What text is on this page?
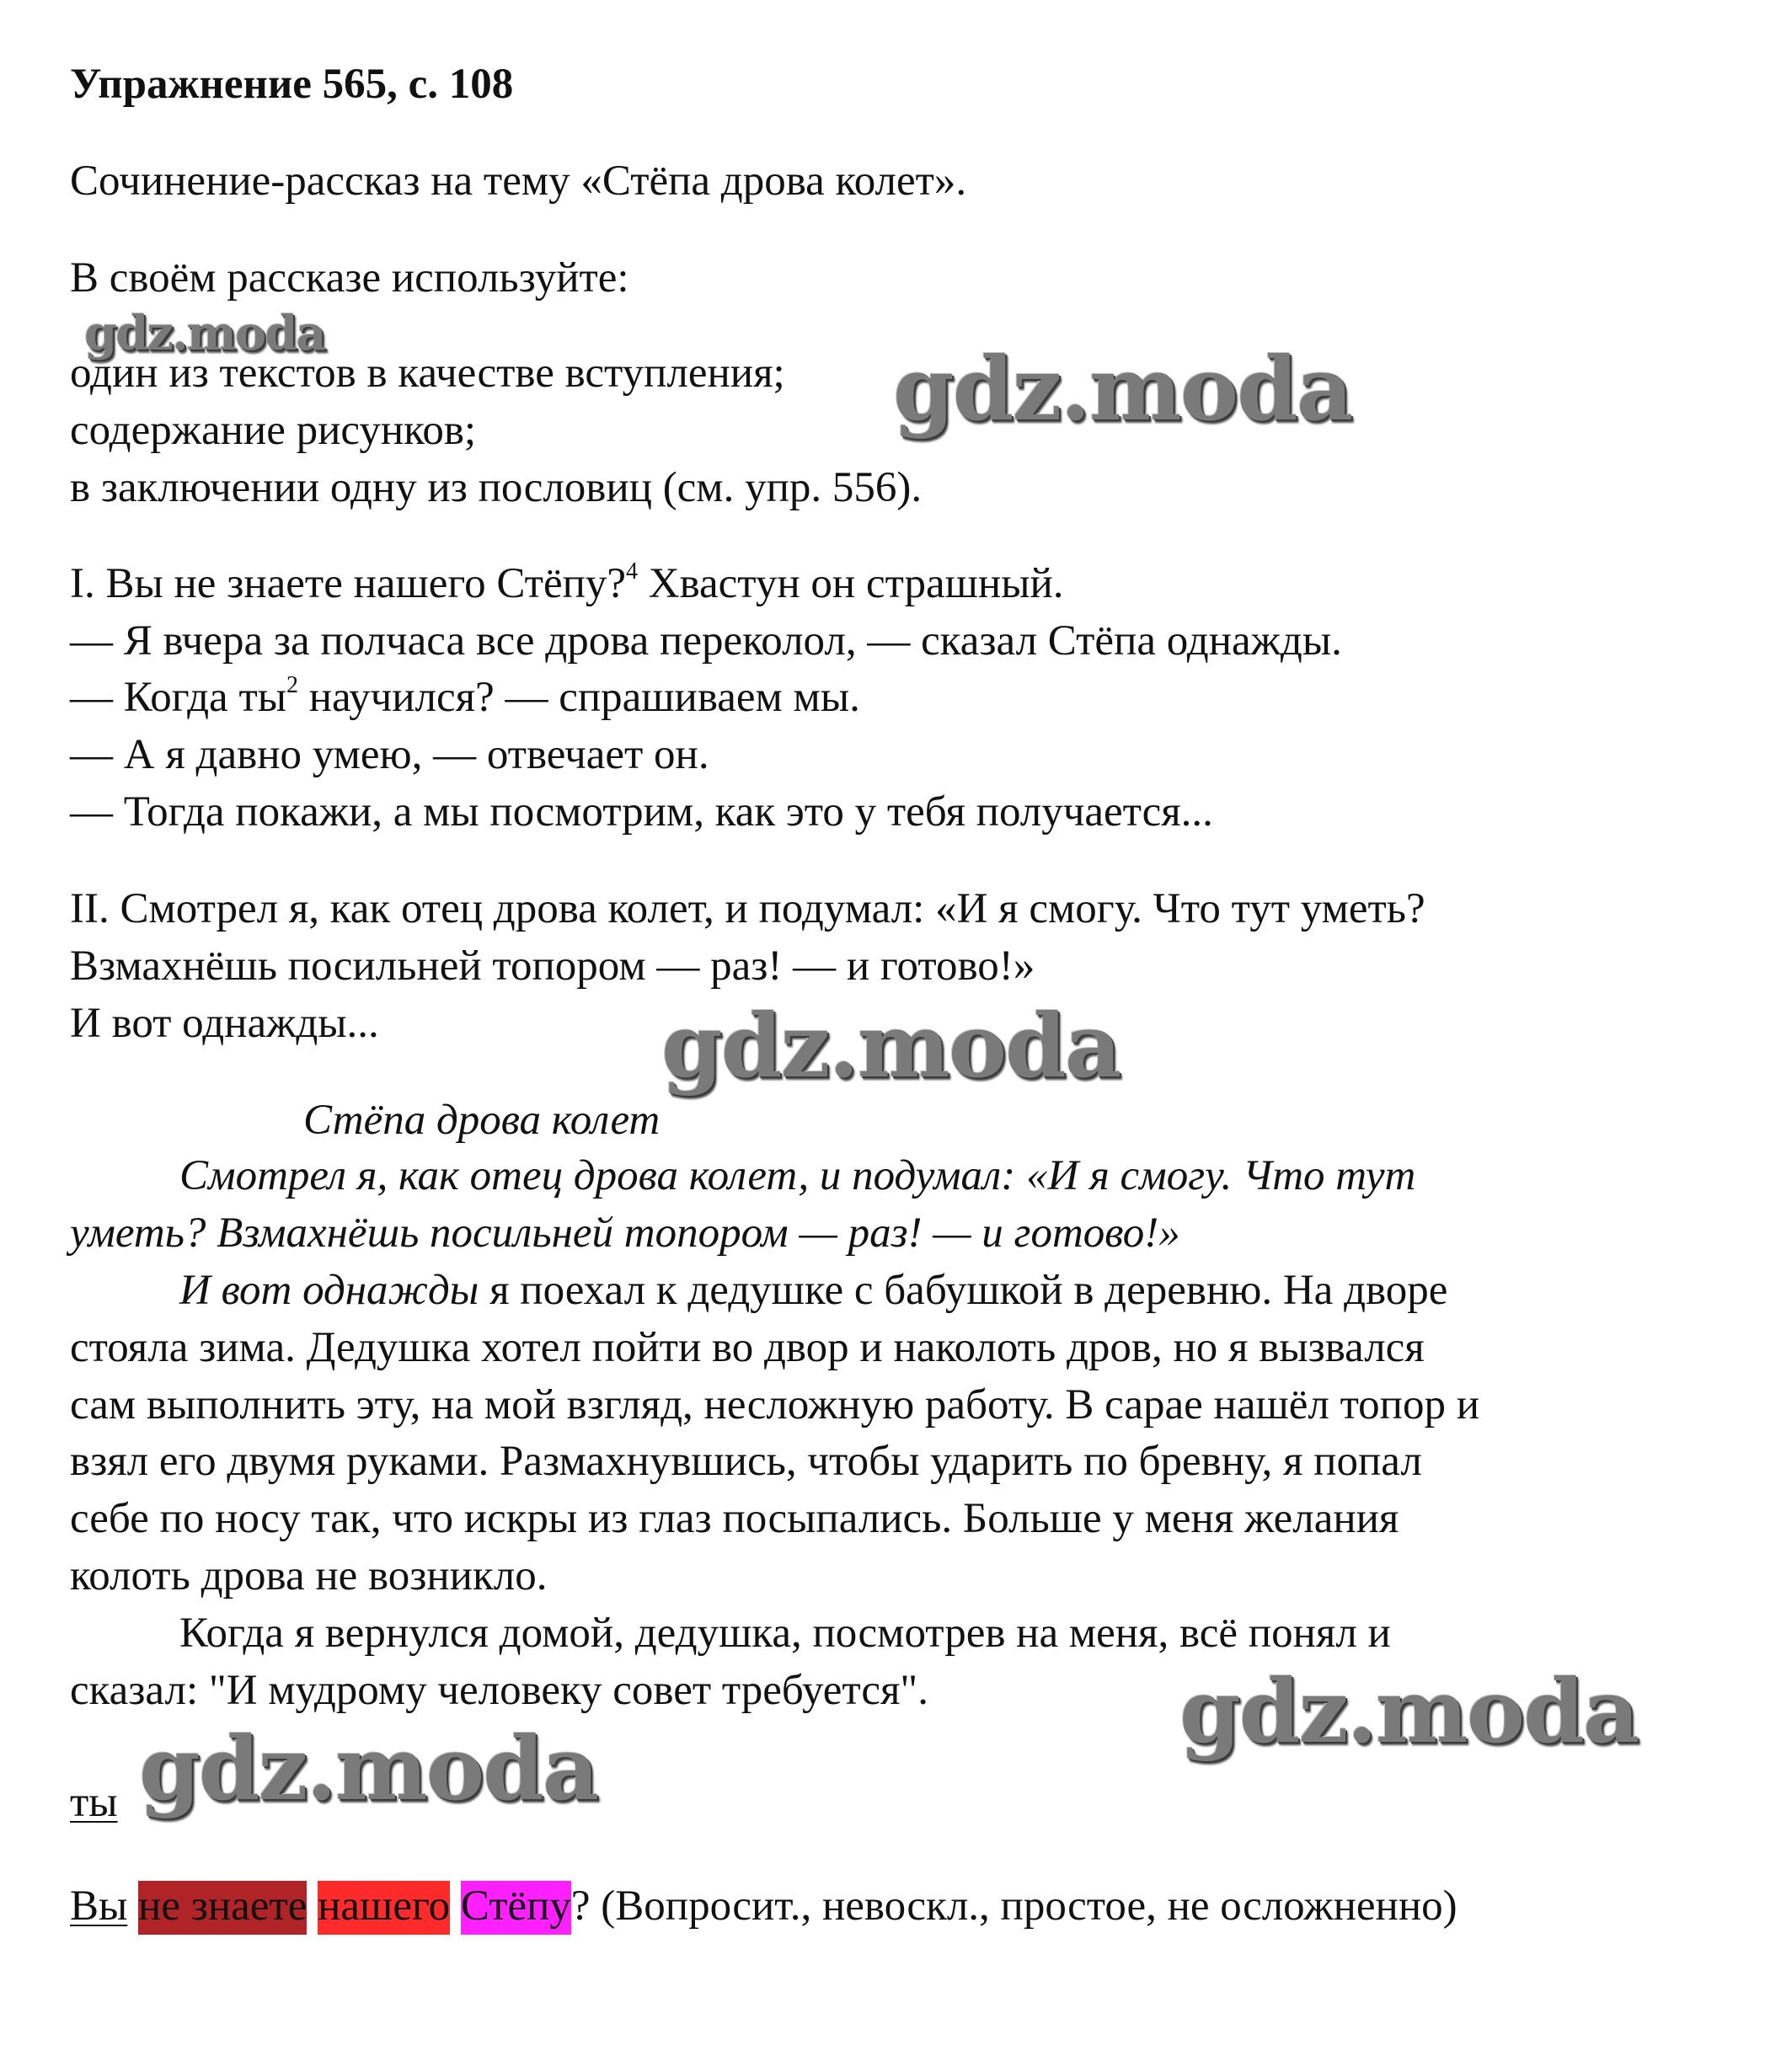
Упражнение 565, с. 108
Сочинение-рассказ на тему «Стёпа дрова колет».
В своём рассказе используйте:
один из текстов в качестве вступления;
содержание рисунков;
в заключении одну из пословиц (см. упр. 556).
I. Вы не знаете нашего Стёпу?$^4$ Хвастун он страшный.
— Я вчера за полчаса все дрова переколол, — сказал Стёпа однажды.
— Когда $ты^2$ научился? — спрашиваем мы.
— А я давно умею, — отвечает он.
— Тогда покажи, а мы посмотрим, как это у тебя получается...
II. Смотрел я, как отец дрова колет, и подумал: «И я смогу. Что тут уметь?
Взмахнёшь посильней топором — раз! — и готово!»
И вот однажды...
Стёпа дрова колет
Смотрел я, как отец дрова колет, и подумал: «И я смогу. Что тут
уметь? Взмахнёшь посильней топором — раз! — и готово!»
И вот однажды я поехал к дедушке с бабушкой в деревню. На дворе
стояла зима. Дедушка хотел пойти во двор и наколоть дров, но я вызвался
сам выполнить эту, на мой взгляд, несложную работу. В сарае нашёл топор и
взял его двумя руками. Размахнувшись, чтобы ударить по бревну, я попал
себе по носу так, что искры из глаз посыпались. Больше у меня желания
колоть дрова не возникло.
Когда я вернулся домой, дедушка, посмотрев на меня, всё понял и
сказал: "И мудрому человеку совет требуется".
ты
Вы не знаете нашего Стёпу? (Вопросит., невоскл., простое, не осложненно)
gdz.moda
gdz.moda
gdz.moda
gdz.moda
gdz.moda
